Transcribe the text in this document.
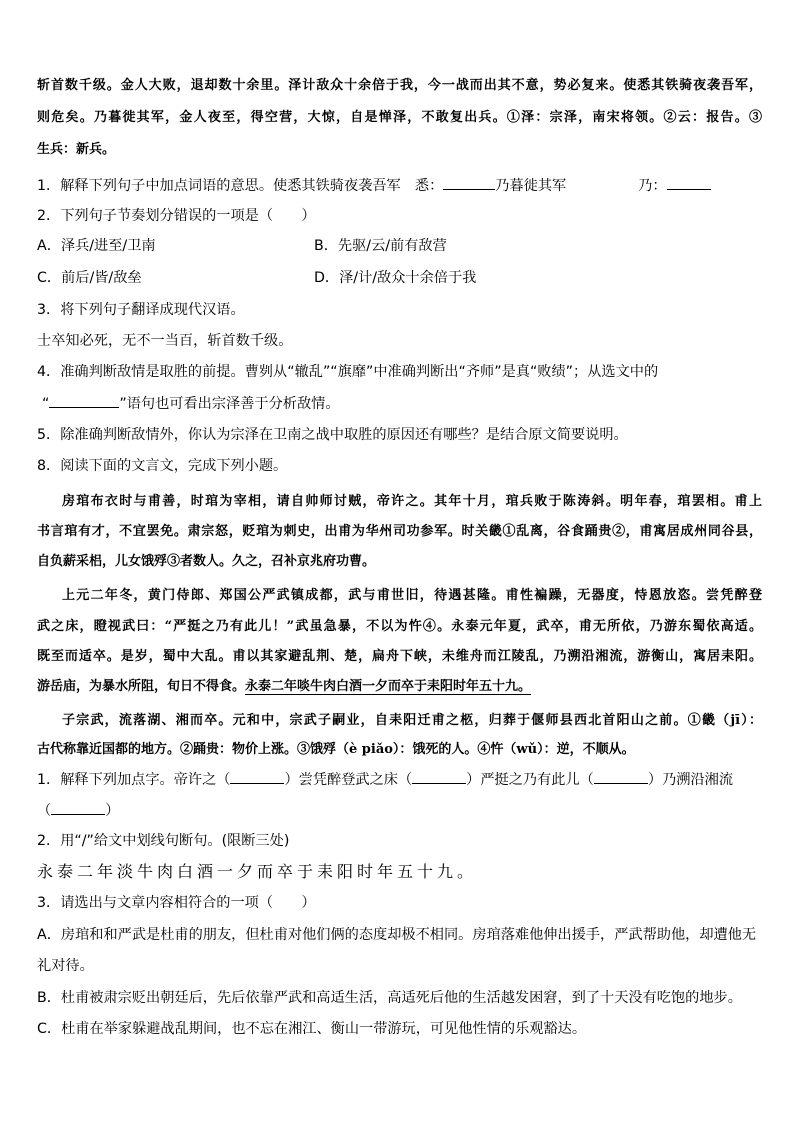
斩首数千级。金人大败，退却数十余里。泽计敌众十余倍于我，今一战而出其不意，势必复来。使悉其铁骑夜袭吾军，
则危矣。乃暮徙其军，金人夜至，得空营，大惊，自是惮泽，不敢复出兵。①泽：宗泽，南宋将领。②云：报告。③
生兵：新兵。
1．解释下列句子中加点词语的意思。使悉其铁骑夜袭吾军　悉：	乃暮徙其军	乃：
2．下列句子节奏划分错误的一项是（　　）
A．泽兵/进至/卫南	B．先驱/云/前有敌营
C．前后/皆/敌垒	D．泽/计/敌众十余倍于我
3．将下列句子翻译成现代汉语。
士卒知必死，无不一当百，斩首数千级。
4．准确判断敌情是取胜的前提。曹刿从“辙乱”“旗靡”中准确判断出“齐师”是真“败绩”；从选文中的
“	”语句也可看出宗泽善于分析敌情。
5．除准确判断敌情外，你认为宗泽在卫南之战中取胜的原因还有哪些？是结合原文简要说明。
8．阅读下面的文言文，完成下列小题。
房琯布衣时与甫善，时琯为宰相，请自帅师讨贼，帝许之。其年十月，琯兵败于陈涛斜。明年春，琯罢相。甫上
书言琯有才，不宜罢免。肃宗怒，贬琯为刺史，出甫为华州司功参军。时关畿①乱离，谷食踊贵②，甫寓居成州同谷县，
自负薪采梠，儿女饿殍③者数人。久之，召补京兆府功曹。
上元二年冬，黄门侍郎、郑国公严武镇成都，武与甫世旧，待遇甚隆。甫性褊躁，无器度，恃恩放恣。尝凭醉登
武之床，瞪视武曰：“严挺之乃有此儿！”武虽急暴，不以为忤④。永泰元年夏，武卒，甫无所依，乃游东蜀依高适。
既至而适卒。是岁，蜀中大乱。甫以其家避乱荆、楚，扁舟下峡，未维舟而江陵乱，乃溯沿湘流，游衡山，寓居耒阳。
游岳庙，为暴水所阻，旬日不得食。永泰二年啖牛肉白酒一夕而卒于耒阳时年五十九。
子宗武，流落湖、湘而卒。元和中，宗武子嗣业，自耒阳迁甫之柩，归葬于偃师县西北首阳山之前。①畿（jī）：
古代称靠近国都的地方。②踊贵：物价上涨。③饿殍（è piǎo）：饿死的人。④忤（wǔ）：逆，不顺从。
1．解释下列加点字。帝许之（	）尝凭醉登武之床（	）严挺之乃有此儿（	）乃溯沿湘流
（	）
2．用“/”给文中划线句断句。(限断三处)
永泰二年淡牛肉白酒一夕而卒于耒阳时年五十九。
3．请选出与文章内容相符合的一项（　　）
A．房琯和和严武是杜甫的朋友，但杜甫对他们俩的态度却极不相同。房琯落难他伸出援手，严武帮助他，却遭他无
礼对待。
B．杜甫被肃宗贬出朝廷后，先后依靠严武和高适生活，高适死后他的生活越发困窘，到了十天没有吃饱的地步。
C．杜甫在举家躲避战乱期间，也不忘在湘江、衡山一带游玩，可见他性情的乐观豁达。
